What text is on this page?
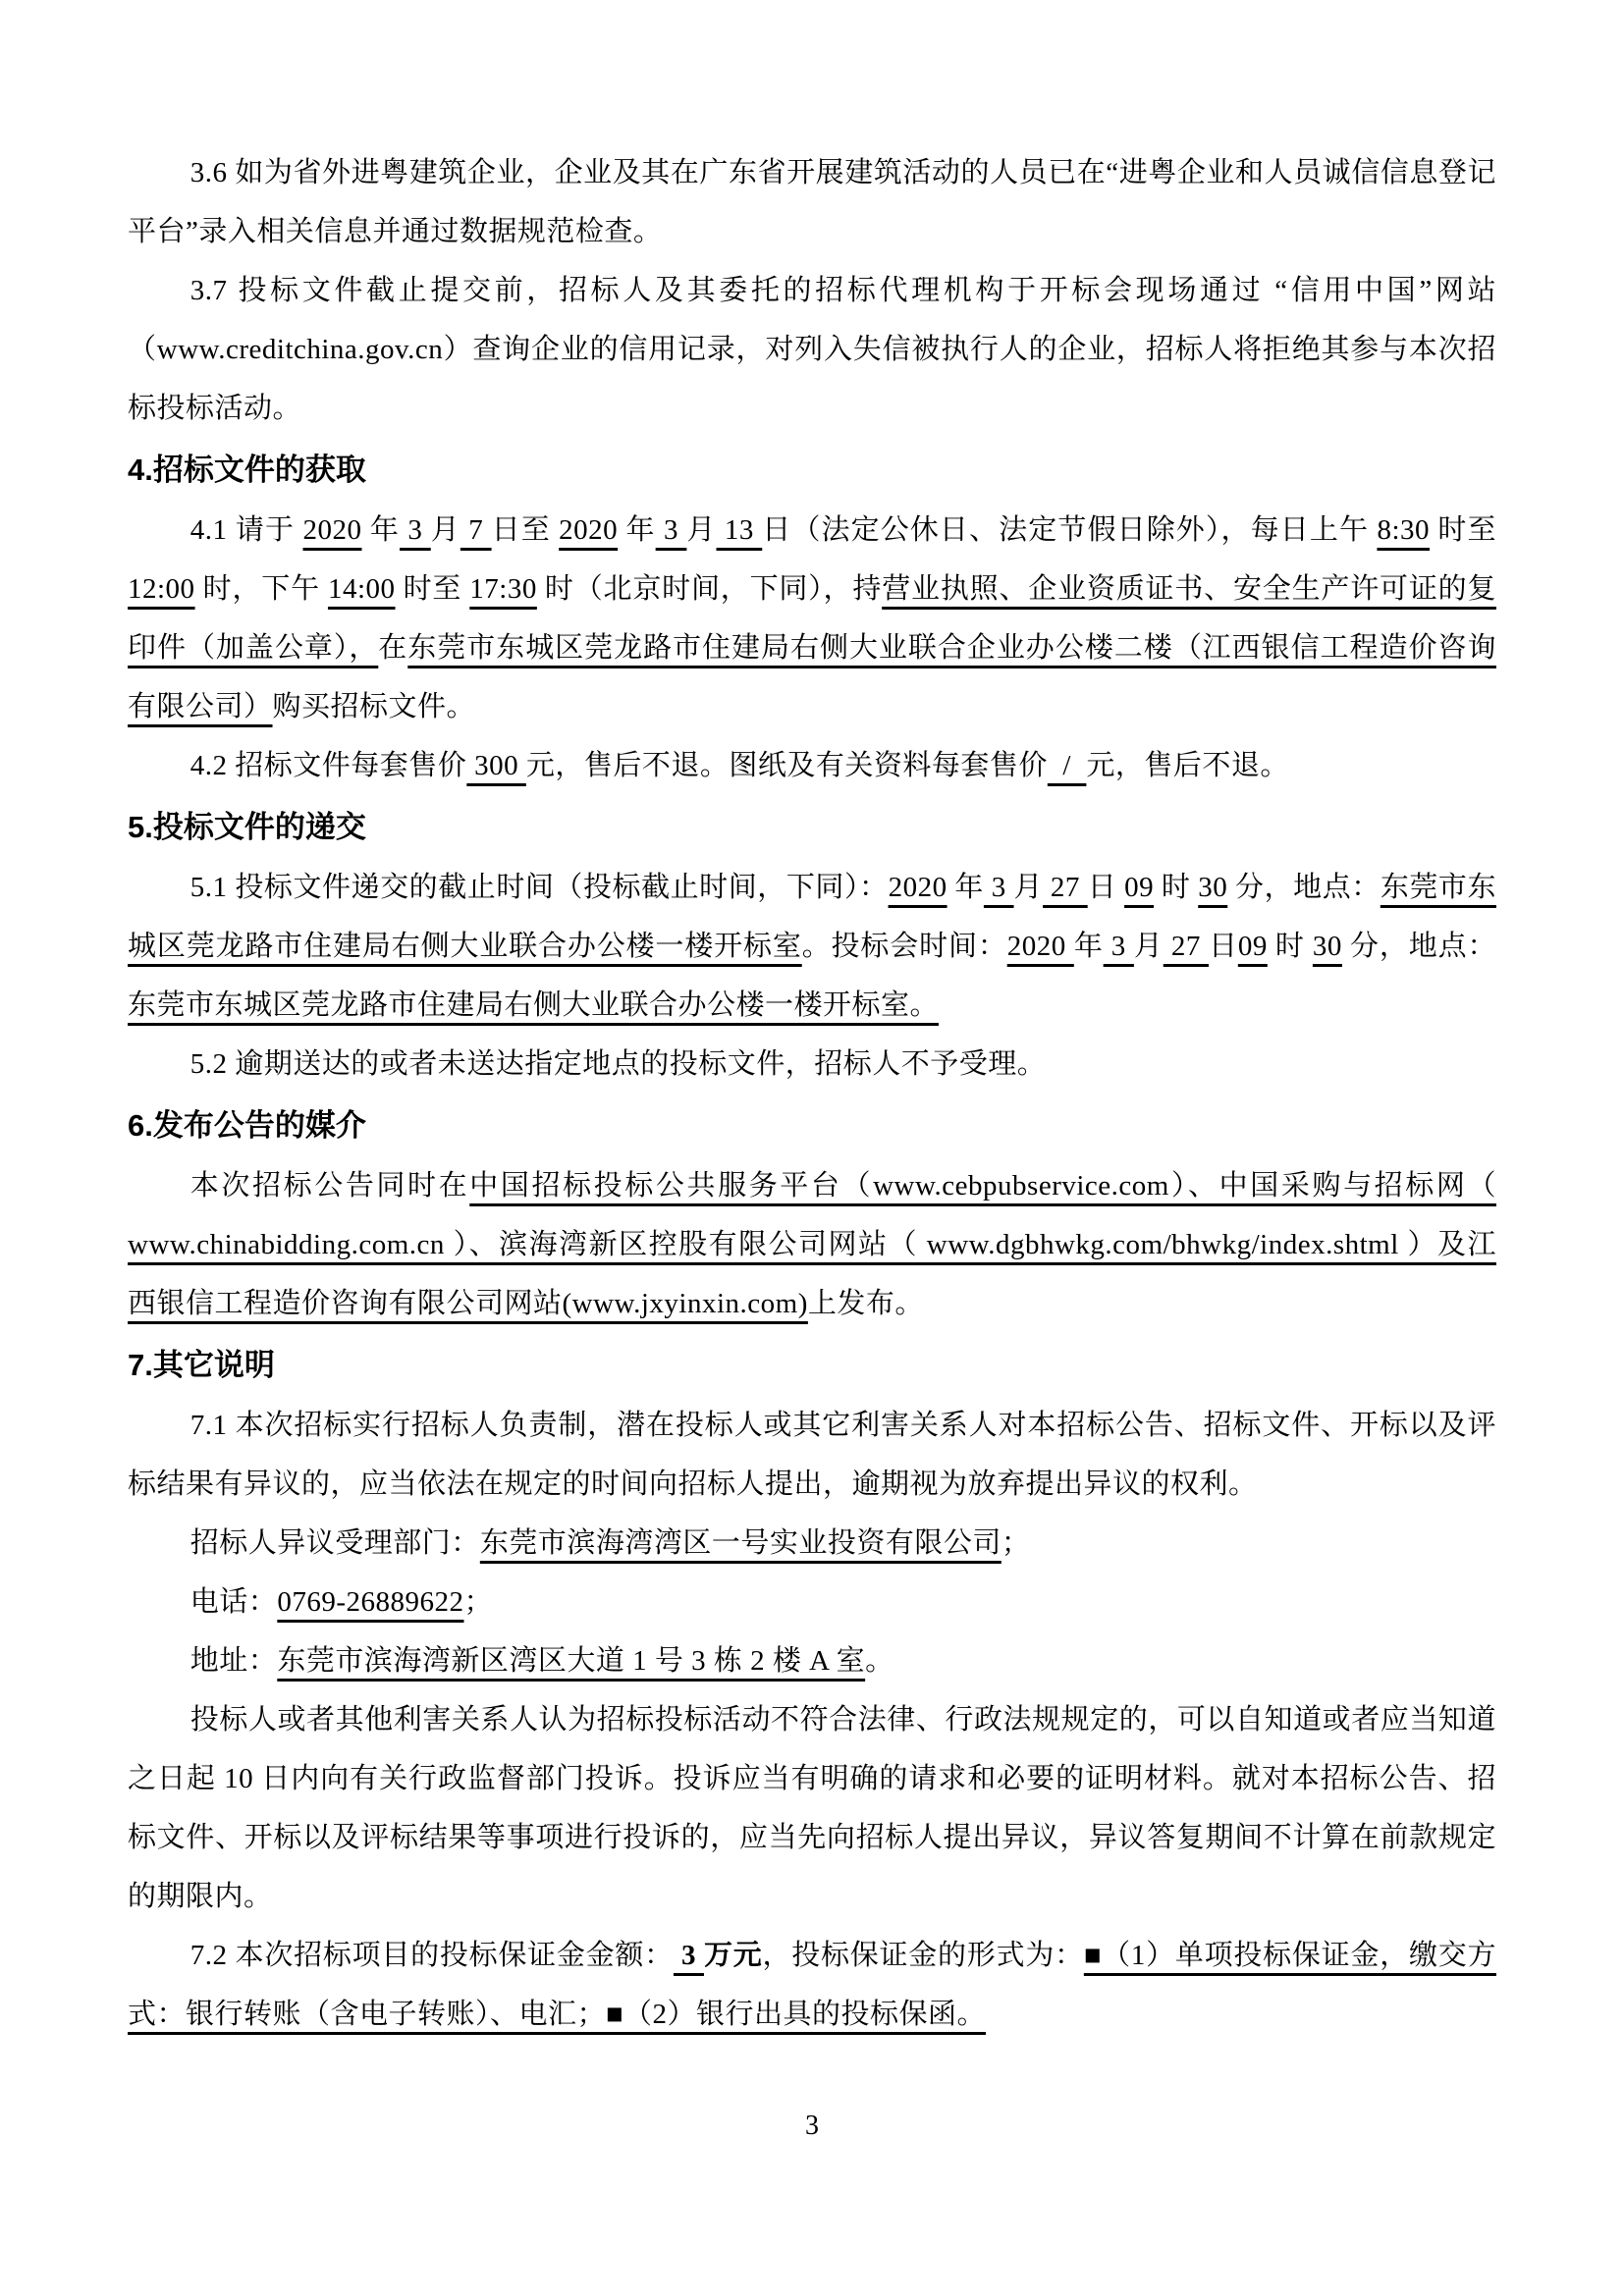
3.6 如为省外进粤建筑企业，企业及其在广东省开展建筑活动的人员已在“进粤企业和人员诚信信息登记平台”录入相关信息并通过数据规范检查。

3.7 投标文件截止提交前，招标人及其委托的招标代理机构于开标会现场通过 “信用中国”网站（www.creditchina.gov.cn）查询企业的信用记录，对列入失信被执行人的企业，招标人将拒绝其参与本次招标投标活动。

4.招标文件的获取

4.1 请于 2020 年 3 月 7 日至 2020 年 3 月 13 日（法定公休日、法定节假日除外），每日上午 8:30 时至 12:00 时，下午 14:00 时至 17:30 时（北京时间，下同），持营业执照、企业资质证书、安全生产许可证的复印件（加盖公章），在东莞市东城区莞龙路市住建局右侧大业联合企业办公楼二楼（江西银信工程造价咨询有限公司）购买招标文件。

4.2 招标文件每套售价 300 元，售后不退。图纸及有关资料每套售价  /  元，售后不退。

5.投标文件的递交

5.1 投标文件递交的截止时间（投标截止时间，下同）：2020 年 3 月 27 日 09 时 30 分，地点：东莞市东城区莞龙路市住建局右侧大业联合办公楼一楼开标室。投标会时间：2020 年 3 月 27 日09 时 30 分，地点：东莞市东城区莞龙路市住建局右侧大业联合办公楼一楼开标室。

5.2 逾期送达的或者未送达指定地点的投标文件，招标人不予受理。

6.发布公告的媒介

本次招标公告同时在中国招标投标公共服务平台（www.cebpubservice.com）、中国采购与招标网（ www.chinabidding.com.cn ）、滨海湾新区控股有限公司网站（ www.dgbhwkg.com/bhwkg/index.shtml ）及江西银信工程造价咨询有限公司网站(www.jxyinxin.com)上发布。

7.其它说明

7.1 本次招标实行招标人负责制，潜在投标人或其它利害关系人对本招标公告、招标文件、开标以及评标结果有异议的，应当依法在规定的时间向招标人提出，逾期视为放弃提出异议的权利。

招标人异议受理部门：东莞市滨海湾湾区一号实业投资有限公司；

电话：0769-26889622；

地址：东莞市滨海湾新区湾区大道 1 号 3 栋 2 楼 A 室。

投标人或者其他利害关系人认为招标投标活动不符合法律、行政法规规定的，可以自知道或者应当知道之日起 10 日内向有关行政监督部门投诉。投诉应当有明确的请求和必要的证明材料。就对本招标公告、招标文件、开标以及评标结果等事项进行投诉的，应当先向招标人提出异议，异议答复期间不计算在前款规定的期限内。

7.2 本次招标项目的投标保证金金额： 3 万元，投标保证金的形式为：■（1）单项投标保证金，缴交方式：银行转账（含电子转账）、电汇；■（2）银行出具的投标保函。

3
